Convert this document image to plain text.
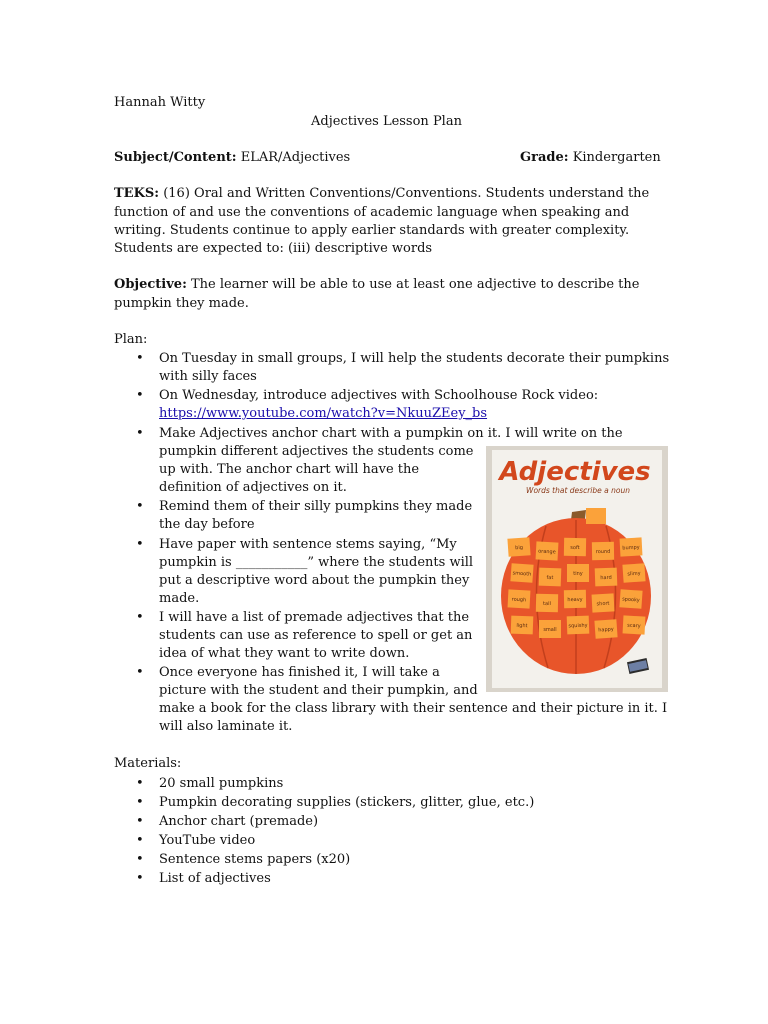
Hannah Witty
Adjectives Lesson Plan
Subject/Content: ELAR/Adjectives	Grade: Kindergarten
TEKS: (16) Oral and Written Conventions/Conventions. Students understand the
function of and use the conventions of academic language when speaking and
writing. Students continue to apply earlier standards with greater complexity.
Students are expected to: (iii) descriptive words
Objective: The learner will be able to use at least one adjective to describe the
pumpkin they made.
Plan:
• On Tuesday in small groups, I will help the students decorate their pumpkins
with silly faces
• On Wednesday, introduce adjectives with Schoolhouse Rock video:
https://www.youtube.com/watch?v=NkuuZEey_bs
• Make Adjectives anchor chart with a pumpkin on it. I will write on the
pumpkin different adjectives the students come
up with. The anchor chart will have the
definition of adjectives on it.
• Remind them of their silly pumpkins they made
the day before
• Have paper with sentence stems saying, “My
pumpkin is ___________” where the students will
put a descriptive word about the pumpkin they
made.
• I will have a list of premade adjectives that the
students can use as reference to spell or get an
idea of what they want to write down.
• Once everyone has finished it, I will take a
picture with the student and their pumpkin, and
make a book for the class library with their sentence and their picture in it. I
will also laminate it.
Materials:
• 20 small pumpkins
• Pumpkin decorating supplies (stickers, glitter, glue, etc.)
• Anchor chart (premade)
• YouTube video
• Sentence stems papers (x20)
• List of adjectives
Adjectives
Words that describe a noun
big
orange
soft
round
bumpy
smooth
fat
tiny
hard
slimy
rough
tall
heavy
short
spooky
light
small
squishy
happy
scary
